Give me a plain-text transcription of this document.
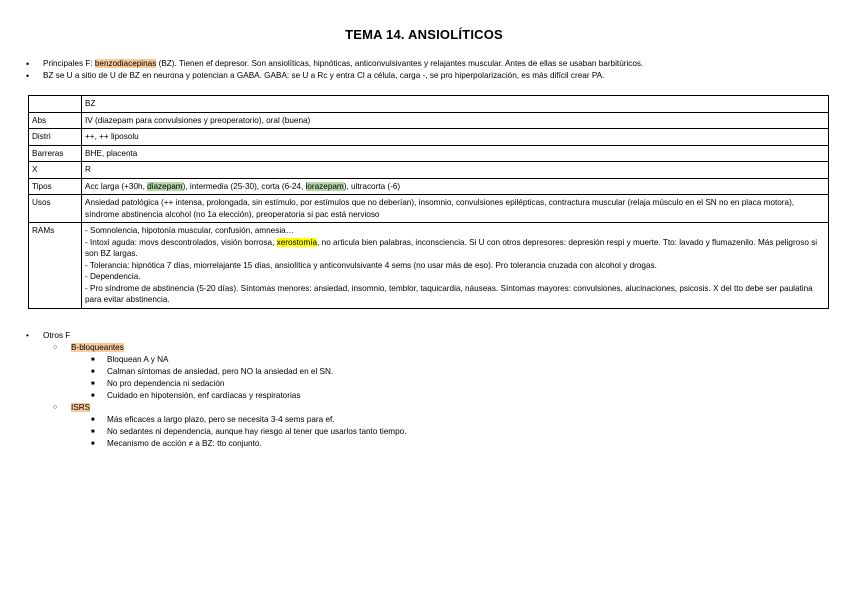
TEMA 14. ANSIOLÍTICOS
• Principales F: benzodiacepinas (BZ). Tienen ef depresor. Son ansiolíticas, hipnóticas, anticonvulsivantes y relajantes muscular. Antes de ellas se usaban barbitúricos.
• BZ se U a sitio de U de BZ en neurona y potencian a GABA. GABA: se U a Rc y entra Cl a célula, carga -, se pro hiperpolarización, es más difícil crear PA.
	BZ
Abs	IV (diazepam para convulsiones y preoperatorio), oral (buena)
Distri	++, ++ liposolu
Barreras	BHE, placenta
X	R
Tipos	Acc larga (+30h, diazepam), intermedia (25-30), corta (6-24, lorazepam), ultracorta (-6)
Usos	Ansiedad patológica (++ intensa, prolongada, sin estímulo, por estímulos que no deberían), insomnio, convulsiones epilépticas, contractura muscular (relaja músculo en el SN no en placa motora), síndrome abstinencia alcohol (no 1a elección), preoperatoria si pac está nervioso
RAMs	- Somnolencia, hipotonía muscular, confusión, amnesia…
- Intoxi aguda: movs descontrolados, visión borrosa, xerostomía, no articula bien palabras, inconsciencia. Si U con otros depresores: depresión respi y muerte. Tto: lavado y flumazenilo. Más peligroso si son BZ largas.
- Tolerancia: hipnótica 7 días, miorrelajante 15 días, ansiolítica y anticonvulsivante 4 sems (no usar más de eso). Pro tolerancia cruzada con alcohol y drogas.
- Dependencia.
- Pro síndrome de abstinencia (5-20 días). Síntomas menores: ansiedad, insomnio, temblor, taquicardia, náuseas. Síntomas mayores: convulsiones, alucinaciones, psicosis. X del tto debe ser paulatina para evitar abstinencia.
• Otros F
○ B-bloqueantes
■ Bloquean A y NA
■ Calman síntomas de ansiedad, pero NO la ansiedad en el SN.
■ No pro dependencia ni sedación
■ Cuidado en hipotensión, enf cardíacas y respiratorias
○ ISRS
■ Más eficaces a largo plazo, pero se necesita 3-4 sems para ef.
■ No sedantes ni dependencia, aunque hay riesgo al tener que usarlos tanto tiempo.
■ Mecanismo de acción ≠ a BZ: tto conjunto.
